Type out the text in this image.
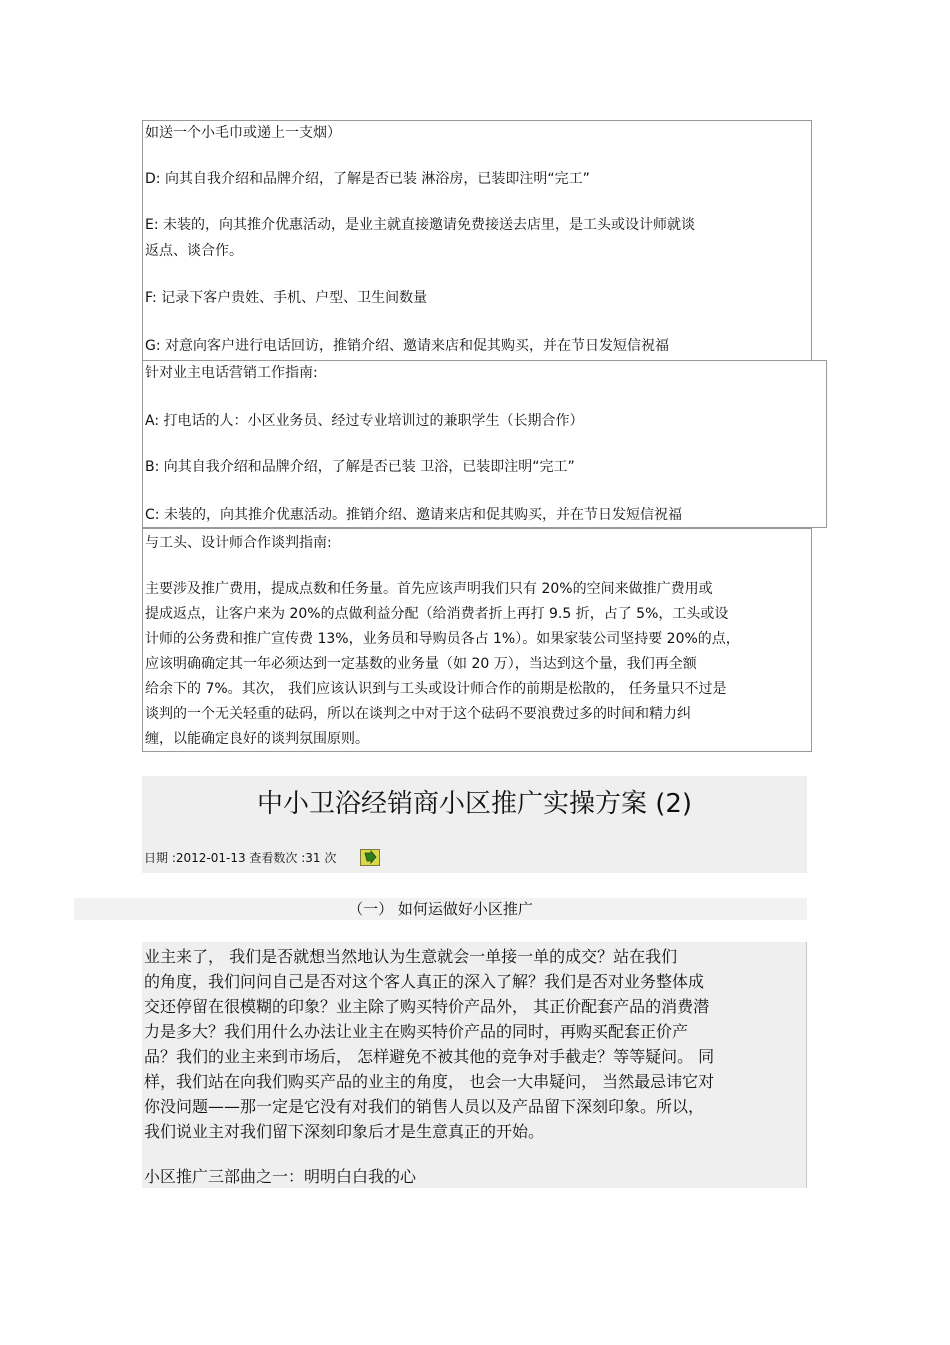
如送一个小毛巾或递上一支烟）
D: 向其自我介绍和品牌介绍，了解是否已装 淋浴房，已装即注明“完工”
E: 未装的，向其推介优惠活动，是业主就直接邀请免费接送去店里，是工头或设计师就谈
返点、谈合作。
F: 记录下客户贵姓、手机、户型、卫生间数量
G: 对意向客户进行电话回访，推销介绍、邀请来店和促其购买，并在节日发短信祝福
针对业主电话营销工作指南:
A: 打电话的人：小区业务员、经过专业培训过的兼职学生（长期合作）
B: 向其自我介绍和品牌介绍，了解是否已装 卫浴，已装即注明“完工”
C: 未装的，向其推介优惠活动。推销介绍、邀请来店和促其购买，并在节日发短信祝福
与工头、设计师合作谈判指南:

主要涉及推广费用，提成点数和任务量。首先应该声明我们只有 20%的空间来做推广费用或

提成返点，让客户来为 20%的点做利益分配（给消费者折上再打 9.5 折，占了 5%，工头或设

计师的公务费和推广宣传费 13%，业务员和导购员各占 1%）。如果家装公司坚持要 20%的点，

应该明确确定其一年必须达到一定基数的业务量（如 20 万），当达到这个量，我们再全额

给余下的 7%。其次， 我们应该认识到与工头或设计师合作的前期是松散的， 任务量只不过是

谈判的一个无关轻重的砝码，所以在谈判之中对于这个砝码不要浪费过多的时间和精力纠

缠，以能确定良好的谈判氛围原则。

中小卫浴经销商小区推广实操方案 (2)
日期 :2012-01-13 查看数次 :31 次
（一） 如何运做好小区推广

业主来了， 我们是否就想当然地认为生意就会一单接一单的成交？站在我们

的角度，我们问问自己是否对这个客人真正的深入了解？我们是否对业务整体成

交还停留在很模糊的印象？业主除了购买特价产品外， 其正价配套产品的消费潜

力是多大？我们用什么办法让业主在购买特价产品的同时，再购买配套正价产

品？我们的业主来到市场后， 怎样避免不被其他的竞争对手截走？等等疑问。 同

样，我们站在向我们购买产品的业主的角度， 也会一大串疑问， 当然最忌讳它对

你没问题——那一定是它没有对我们的销售人员以及产品留下深刻印象。所以，

我们说业主对我们留下深刻印象后才是生意真正的开始。

小区推广三部曲之一：明明白白我的心
